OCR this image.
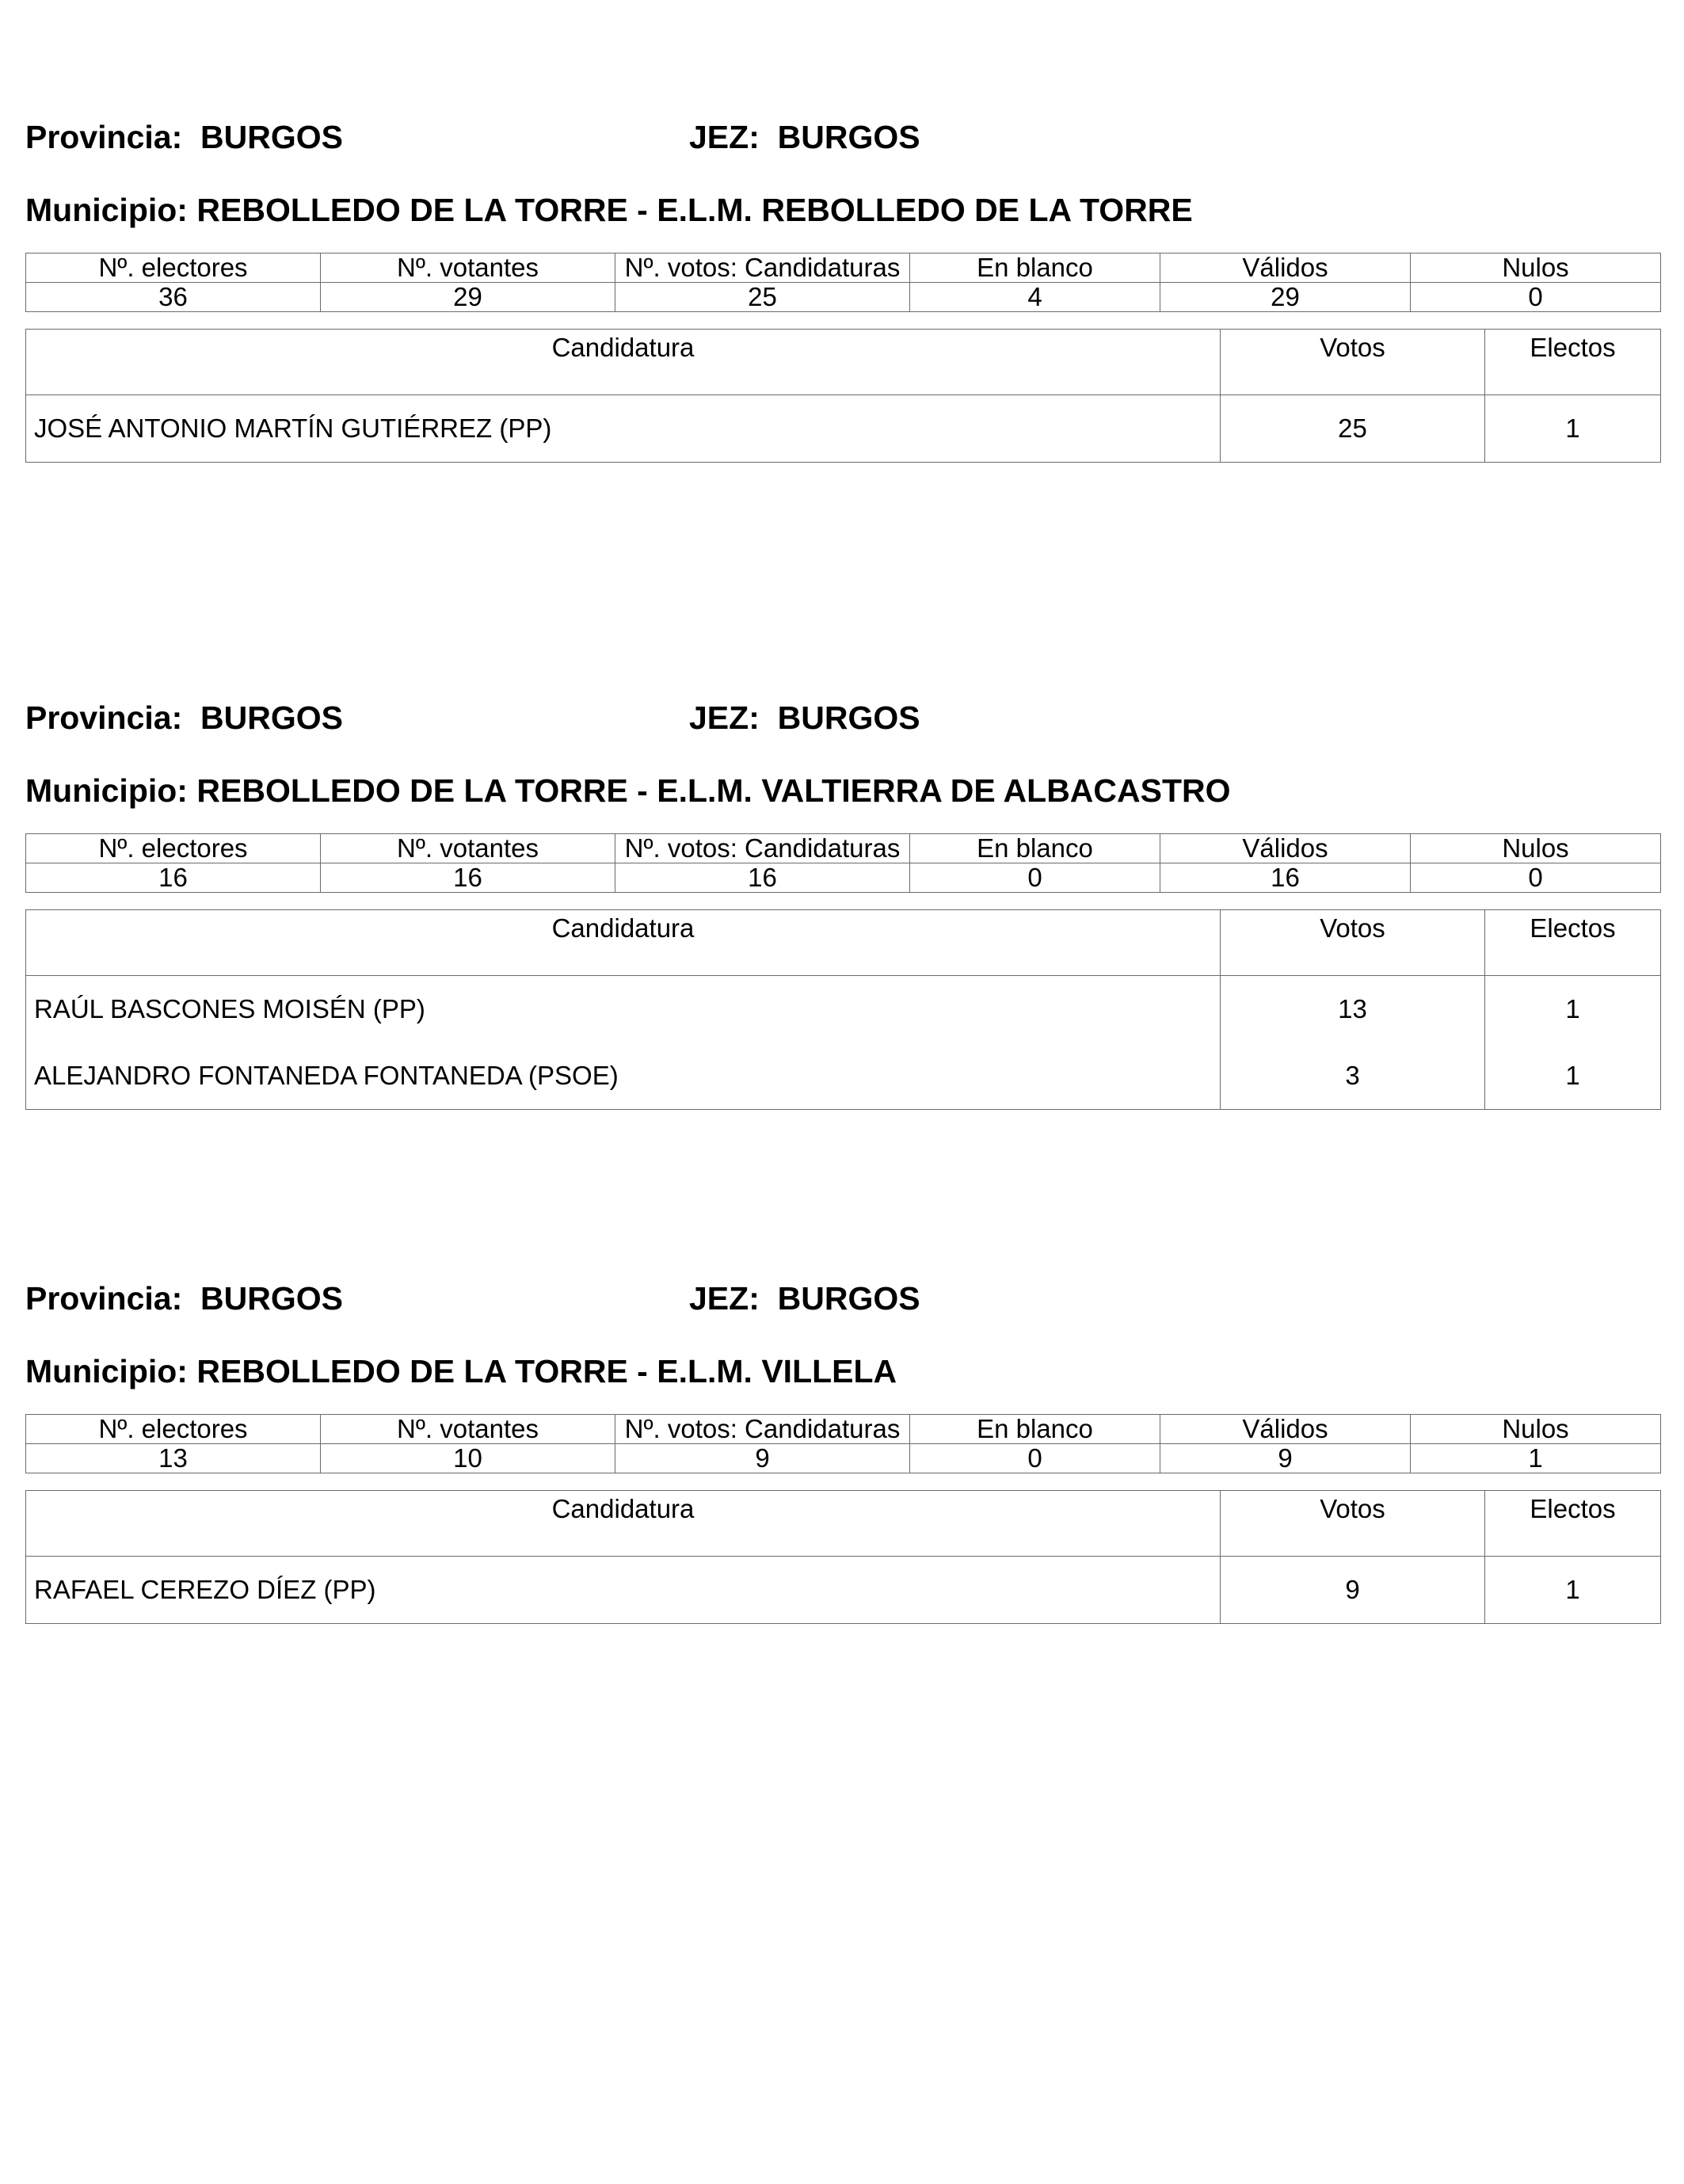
Provincia: BURGOS	JEZ: BURGOS
Municipio: REBOLLEDO DE LA TORRE - E.L.M. REBOLLEDO DE LA TORRE
Nº. electores	Nº. votantes	Nº. votos: Candidaturas	En blanco	Válidos	Nulos
36	29	25	4	29	0
Candidatura	Votos	Electos
JOSÉ ANTONIO MARTÍN GUTIÉRREZ (PP)	25	1
Provincia: BURGOS	JEZ: BURGOS
Municipio: REBOLLEDO DE LA TORRE - E.L.M. VALTIERRA DE ALBACASTRO
Nº. electores	Nº. votantes	Nº. votos: Candidaturas	En blanco	Válidos	Nulos
16	16	16	0	16	0
Candidatura	Votos	Electos
RAÚL BASCONES MOISÉN (PP)	13	1
ALEJANDRO FONTANEDA FONTANEDA (PSOE)	3	1
Provincia: BURGOS	JEZ: BURGOS
Municipio: REBOLLEDO DE LA TORRE - E.L.M. VILLELA
Nº. electores	Nº. votantes	Nº. votos: Candidaturas	En blanco	Válidos	Nulos
13	10	9	0	9	1
Candidatura	Votos	Electos
RAFAEL CEREZO DÍEZ (PP)	9	1
